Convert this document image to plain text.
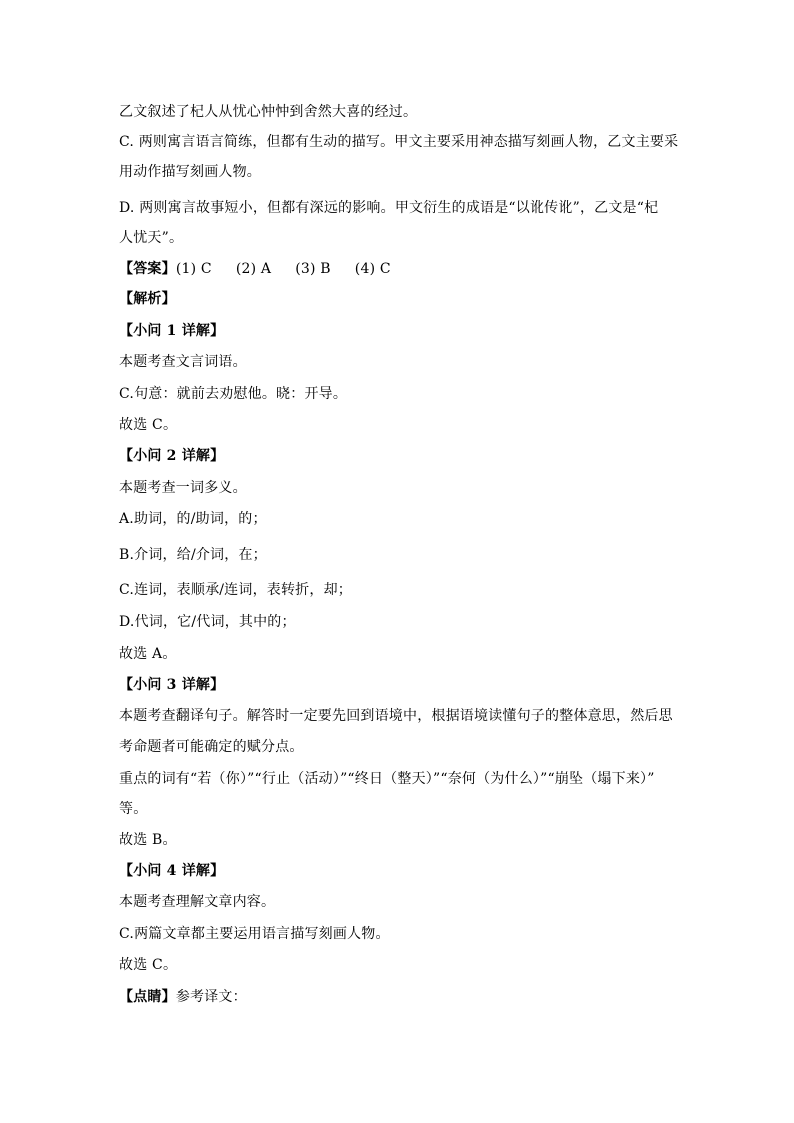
乙文叙述了杞人从忧心忡忡到舍然大喜的经过。
C. 两则寓言语言简练，但都有生动的描写。甲文主要采用神态描写刻画人物，乙文主要采
用动作描写刻画人物。
D. 两则寓言故事短小，但都有深远的影响。甲文衍生的成语是“以讹传讹”，乙文是“杞
人忧天”。
【答案】(1) C (2) A (3) B (4) C
【解析】
【小问 1 详解】
本题考查文言词语。
C.句意：就前去劝慰他。晓：开导。
故选 C。
【小问 2 详解】
本题考查一词多义。
A.助词，的/助词，的；
B.介词，给/介词，在；
C.连词，表顺承/连词，表转折，却；
D.代词，它/代词，其中的；
故选 A。
【小问 3 详解】
本题考查翻译句子。解答时一定要先回到语境中，根据语境读懂句子的整体意思，然后思
考命题者可能确定的赋分点。
重点的词有“若（你）”“行止（活动）”“终日（整天）”“奈何（为什么）”“崩坠（塌下来）”
等。
故选 B。
【小问 4 详解】
本题考查理解文章内容。
C.两篇文章都主要运用语言描写刻画人物。
故选 C。
【点睛】参考译文：
